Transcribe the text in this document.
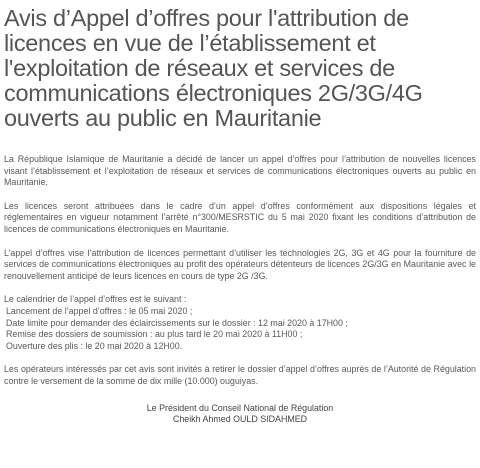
Avis d’Appel d’offres pour l'attribution de licences en vue de l’établissement et l'exploitation de réseaux et services de communications électroniques 2G/3G/4G ouverts au public en Mauritanie

La République Islamique de Mauritanie a décidé de lancer un appel d’offres pour l’attribution de nouvelles licences visant l’établissement et l’exploitation de réseaux et services de communications électroniques ouverts au public en Mauritanie.

Les licences seront attribuées dans le cadre d’un appel d’offres conformément aux dispositions légales et réglementaires en vigueur notamment l’arrêté n°300/MESRSTIC du 5 mai 2020 fixant les conditions d’attribution de licences de communications électroniques en Mauritanie.

L’appel d’offres vise l’attribution de licences permettant d’utiliser les technologies 2G, 3G et 4G pour la fourniture de services de communications électroniques au profit des opérateurs détenteurs de licences 2G/3G en Mauritanie avec le renouvellement anticipé de leurs licences en cours de type 2G /3G.

Le calendrier de l’appel d’offres est le suivant :

Lancement de l’appel d’offres : le 05 mai 2020 ;

Date limite pour demander des éclaircissements sur le dossier : 12 mai 2020 à 17H00 ;

Remise des dossiers de soumission : au plus tard le 20 mai 2020 à 11H00 ;

Ouverture des plis : le 20 mai 2020 à 12H00.

Les opérateurs intéressés par cet avis sont invités à retirer le dossier d’appel d’offres auprès de l’Autorité de Régulation contre le versement de la somme de dix mille (10.000) ouguiyas.

Le Président du Conseil National de Régulation

Cheikh Ahmed OULD SIDAHMED
